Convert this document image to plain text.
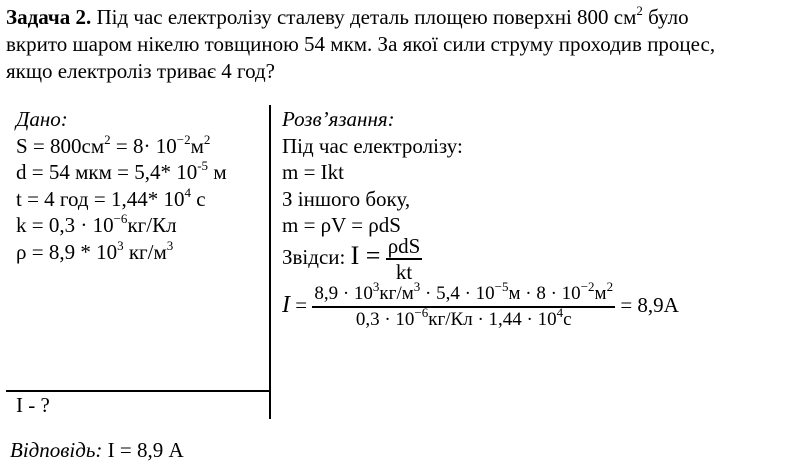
Задача 2. Під час електролізу сталеву деталь площею поверхні 800 $см^2$ було
вкрито шаром нікелю товщиною 54 мкм. За якої сили струму проходив процес,
якщо електроліз триває 4 год?
Дано:
$S = 800см^2 = 8\cdot 10^{-2}м^2$
d = 54 мкм = 5,4* $10^{-5}$ м
t = 4 год = 1,44* $10^4$ с
$k = 0,3 \cdot 10^{-6}кг/Кл$
$\rho = 8,9 * 10^3$ $кг/м^3$
I - ?
Розв’язання:
Під час електролізу:
m = Ikt
З іншого боку,
m = ρV = ρdS
Звідси: $I = \frac{\text{ρdS}}{kt}$
$I = \frac{8,9 \cdot 10^3кг/м^3 \cdot 5,4 \cdot 10^{-5}м \cdot 8 \cdot 10^{-2}м^2}{0,3 \cdot 10^{-6}кг/Кл \cdot 1,44 \cdot 10^4с} = 8,9А$
Відповідь: I = 8,9 А
